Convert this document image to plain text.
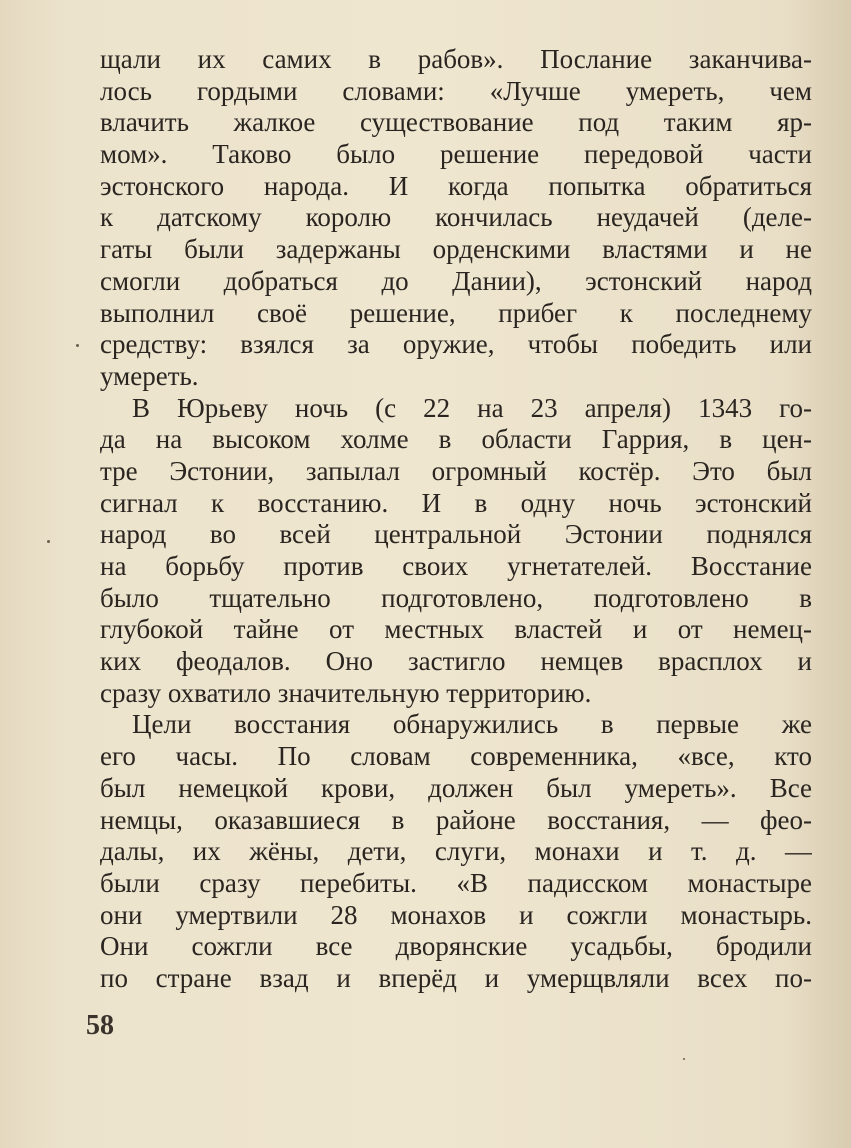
щали их самих в рабов». Послание заканчива-
лось гордыми словами: «Лучше умереть, чем
влачить жалкое существование под таким яр-
мом». Таково было решение передовой части
эстонского народа. И когда попытка обратиться
к датскому королю кончилась неудачей (деле-
гаты были задержаны орденскими властями и не
смогли добраться до Дании), эстонский народ
выполнил своё решение, прибег к последнему
средству: взялся за оружие, чтобы победить или
умереть.
В Юрьеву ночь (с 22 на 23 апреля) 1343 го-
да на высоком холме в области Гаррия, в цен-
тре Эстонии, запылал огромный костёр. Это был
сигнал к восстанию. И в одну ночь эстонский
народ во всей центральной Эстонии поднялся
на борьбу против своих угнетателей. Восстание
было тщательно подготовлено, подготовлено в
глубокой тайне от местных властей и от немец-
ких феодалов. Оно застигло немцев врасплох и
сразу охватило значительную территорию.
Цели восстания обнаружились в первые же
его часы. По словам современника, «все, кто
был немецкой крови, должен был умереть». Все
немцы, оказавшиеся в районе восстания, — фео-
далы, их жёны, дети, слуги, монахи и т. д. —
были сразу перебиты. «В падисском монастыре
они умертвили 28 монахов и сожгли монастырь.
Они сожгли все дворянские усадьбы, бродили
по стране взад и вперёд и умерщвляли всех по-
58
